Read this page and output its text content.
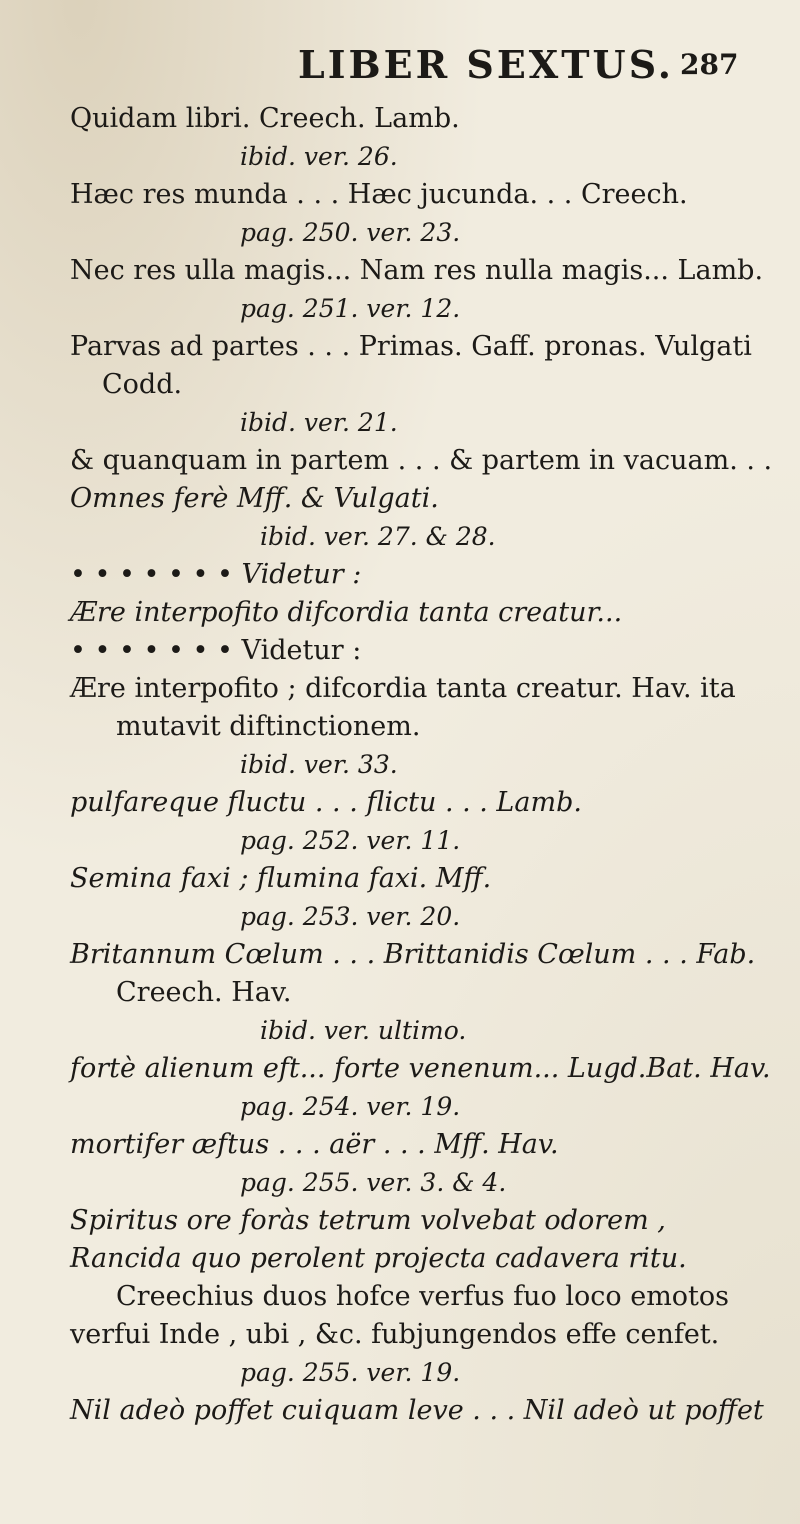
LIBER SEXTUS. 287
Quidam libri. Creech. Lamb.
ibid. ver. 26.
Hæc res munda . . . Hæc jucunda. . . Creech.
pag. 250. ver. 23.
Nec res ulla magis... Nam res nulla magis... Lamb.
pag. 251. ver. 12.
Parvas ad partes . . . Primas. Gaff. pronas. Vulgati
Codd.
ibid. ver. 21.
& quanquam in partem . . . & partem in vacuam. . .
Omnes ferè Mff. & Vulgati.
ibid. ver. 27. & 28.
• • • • • • • Videtur :
Ære interpofito difcordia tanta creatur...
• • • • • • • Videtur :
Ære interpofito ; difcordia tanta creatur. Hav. ita
mutavit diftinctionem.
ibid. ver. 33.
pulfareque fluctu . . . flictu . . . Lamb.
pag. 252. ver. 11.
Semina faxi ; flumina faxi. Mff.
pag. 253. ver. 20.
Britannum Cœlum . . . Brittanidis Cœlum . . . Fab.
Creech. Hav.
ibid. ver. ultimo.
fortè alienum eft... forte venenum... Lugd.Bat. Hav.
pag. 254. ver. 19.
mortifer æftus . . . aër . . . Mff. Hav.
pag. 255. ver. 3. & 4.
Spiritus ore foràs tetrum volvebat odorem ,
Rancida quo perolent projecta cadavera ritu.
Creechius duos hofce verfus fuo loco emotos
verfui Inde , ubi , &c. fubjungendos effe cenfet.
pag. 255. ver. 19.
Nil adeò poffet cuiquam leve . . . Nil adeò ut poffet
